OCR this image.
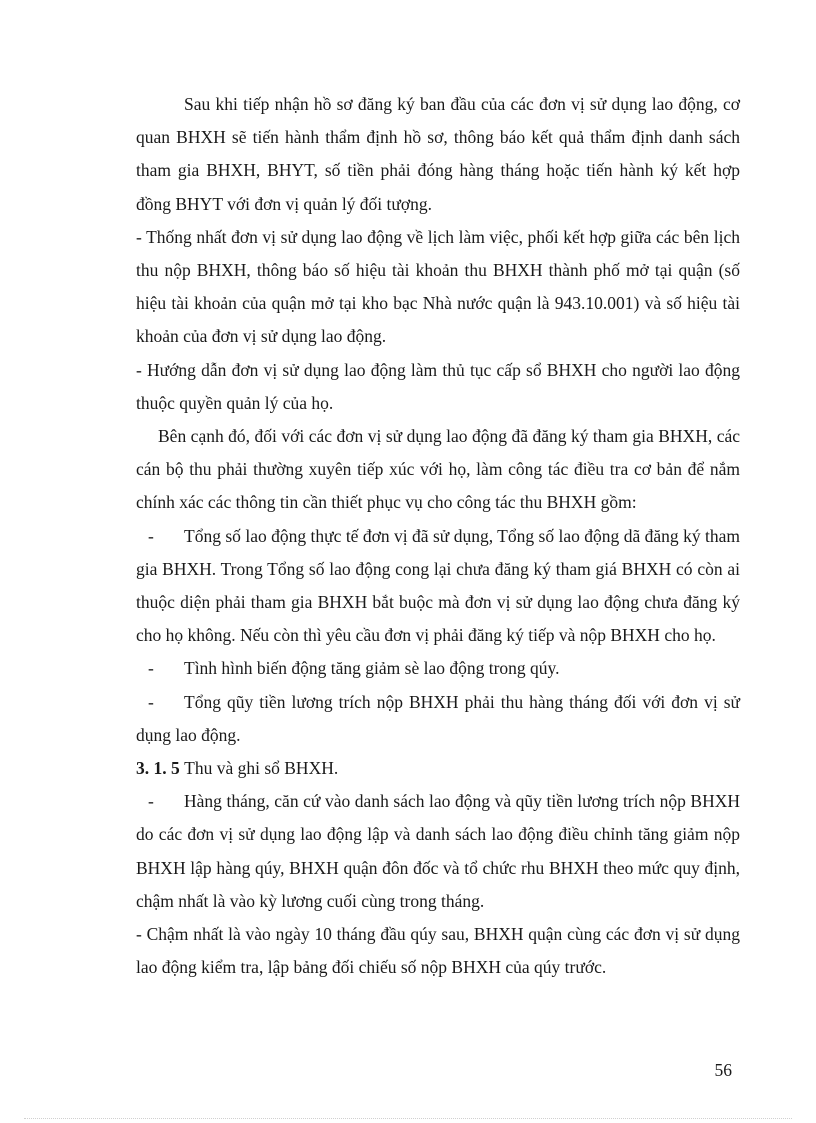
Sau khi tiếp nhận hồ sơ đăng ký ban đầu của các đơn vị sử dụng lao động, cơ quan BHXH sẽ tiến hành thẩm định hồ sơ, thông báo kết quả thẩm định danh sách tham gia BHXH, BHYT, số tiền phải đóng hàng tháng hoặc tiến hành ký kết hợp đồng BHYT với đơn vị quản lý đối tượng.

- Thống nhất đơn vị sử dụng lao động về lịch làm việc, phối kết hợp giữa các bên lịch thu nộp BHXH, thông báo số hiệu tài khoản thu BHXH thành phố mở tại quận (số hiệu tài khoản của quận mở tại kho bạc Nhà nước quận là 943.10.001) và số hiệu tài khoản của đơn vị sử dụng lao động.

- Hướng dẫn đơn vị sử dụng lao động làm thủ tục cấp sổ BHXH cho người lao động thuộc quyền quản lý của họ.

Bên cạnh đó, đối với các đơn vị sử dụng lao động đã đăng ký tham gia BHXH, các cán bộ thu phải thường xuyên tiếp xúc với họ, làm công tác điều tra cơ bản để nắm chính xác các thông tin cần thiết phục vụ cho công tác thu BHXH gồm:

- Tổng số lao động thực tế đơn vị đã sử dụng, Tổng số lao động dã đăng ký tham gia BHXH. Trong Tổng số lao động cong lại chưa đăng ký tham giá BHXH có còn ai thuộc diện phải tham gia BHXH bắt buộc mà đơn vị sử dụng lao động chưa đăng ký cho họ không. Nếu còn thì yêu cầu đơn vị phải đăng ký tiếp và nộp BHXH cho họ.

- Tình hình biến động tăng giảm sè lao động trong qúy.

- Tổng qũy tiền lương trích nộp BHXH phải thu hàng tháng đối với đơn vị sử dụng lao động.

3. 1. 5 Thu và ghi sổ BHXH.

- Hàng tháng, căn cứ vào danh sách lao động và qũy tiền lương trích nộp BHXH do các đơn vị sử dụng lao động lập và danh sách lao động điều chỉnh tăng giảm nộp BHXH lập hàng qúy, BHXH quận đôn đốc và tổ chức rhu BHXH theo mức quy định, chậm nhất là vào kỳ lương cuối cùng trong tháng.

- Chậm nhất là vào ngày 10 tháng đầu qúy sau, BHXH quận cùng các đơn vị sử dụng lao động kiểm tra, lập bảng đối chiếu số nộp BHXH của qúy trước.

56
